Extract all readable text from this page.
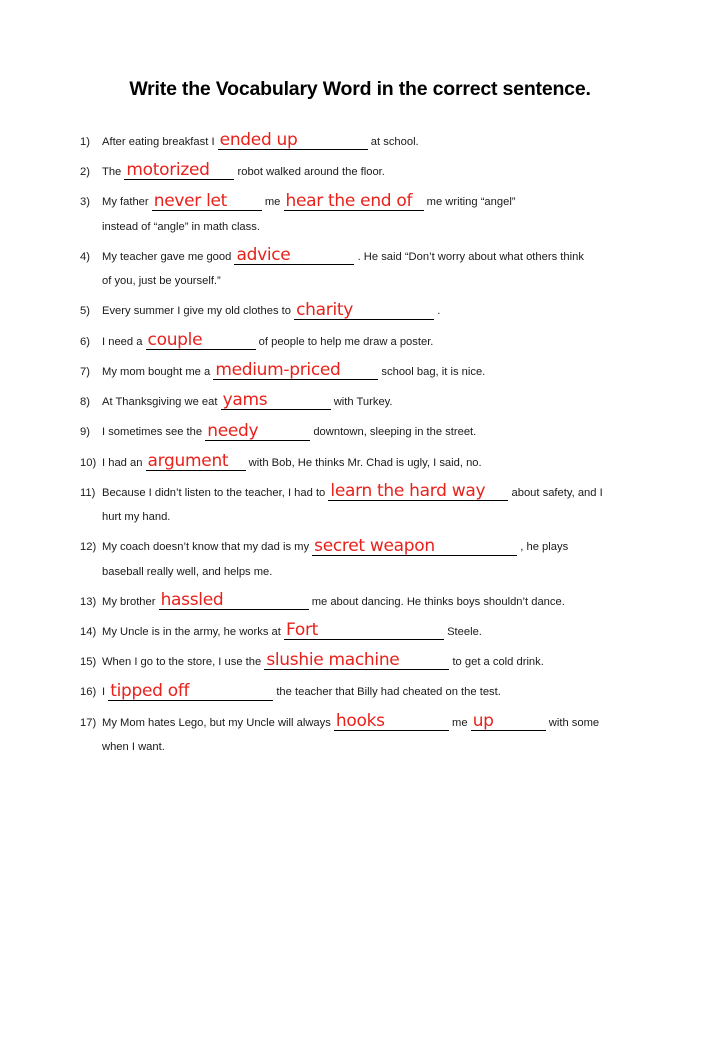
Write the Vocabulary Word in the correct sentence.
1)	After eating breakfast I ended up	at school.
2)	The motorized robot walked around the floor.
3)	My father never let	me hear the end of me writing “angel”
instead of “angle” in math class.
4)	My teacher gave me good advice	. He said “Don’t worry about what others think
of you, just be yourself.”
5)	Every summer I give my old clothes to charity	.
6)	I need a couple	of people to help me draw a poster.
7)	My mom bought me a medium-priced	school bag, it is nice.
8)	At Thanksgiving we eat yams	with Turkey.
9)	I sometimes see the needy	downtown, sleeping in the street.
10) I had an argument with Bob, He thinks Mr. Chad is ugly, I said, no.
11) Because I didn’t listen to the teacher, I had to learn the hard way about safety, and I
hurt my hand.
12) My coach doesn’t know that my dad is my secret weapon	, he plays
baseball really well, and helps me.
13) My brother hassled	me about dancing. He thinks boys shouldn’t dance.
14) My Uncle is in the army, he works at Fort	Steele.
15) When I go to the store, I use the slushie machine	to get a cold drink.
16) I tipped off	the teacher that Billy had cheated on the test.
17) My Mom hates Lego, but my Uncle will always hooks	me up	with some
when I want.
